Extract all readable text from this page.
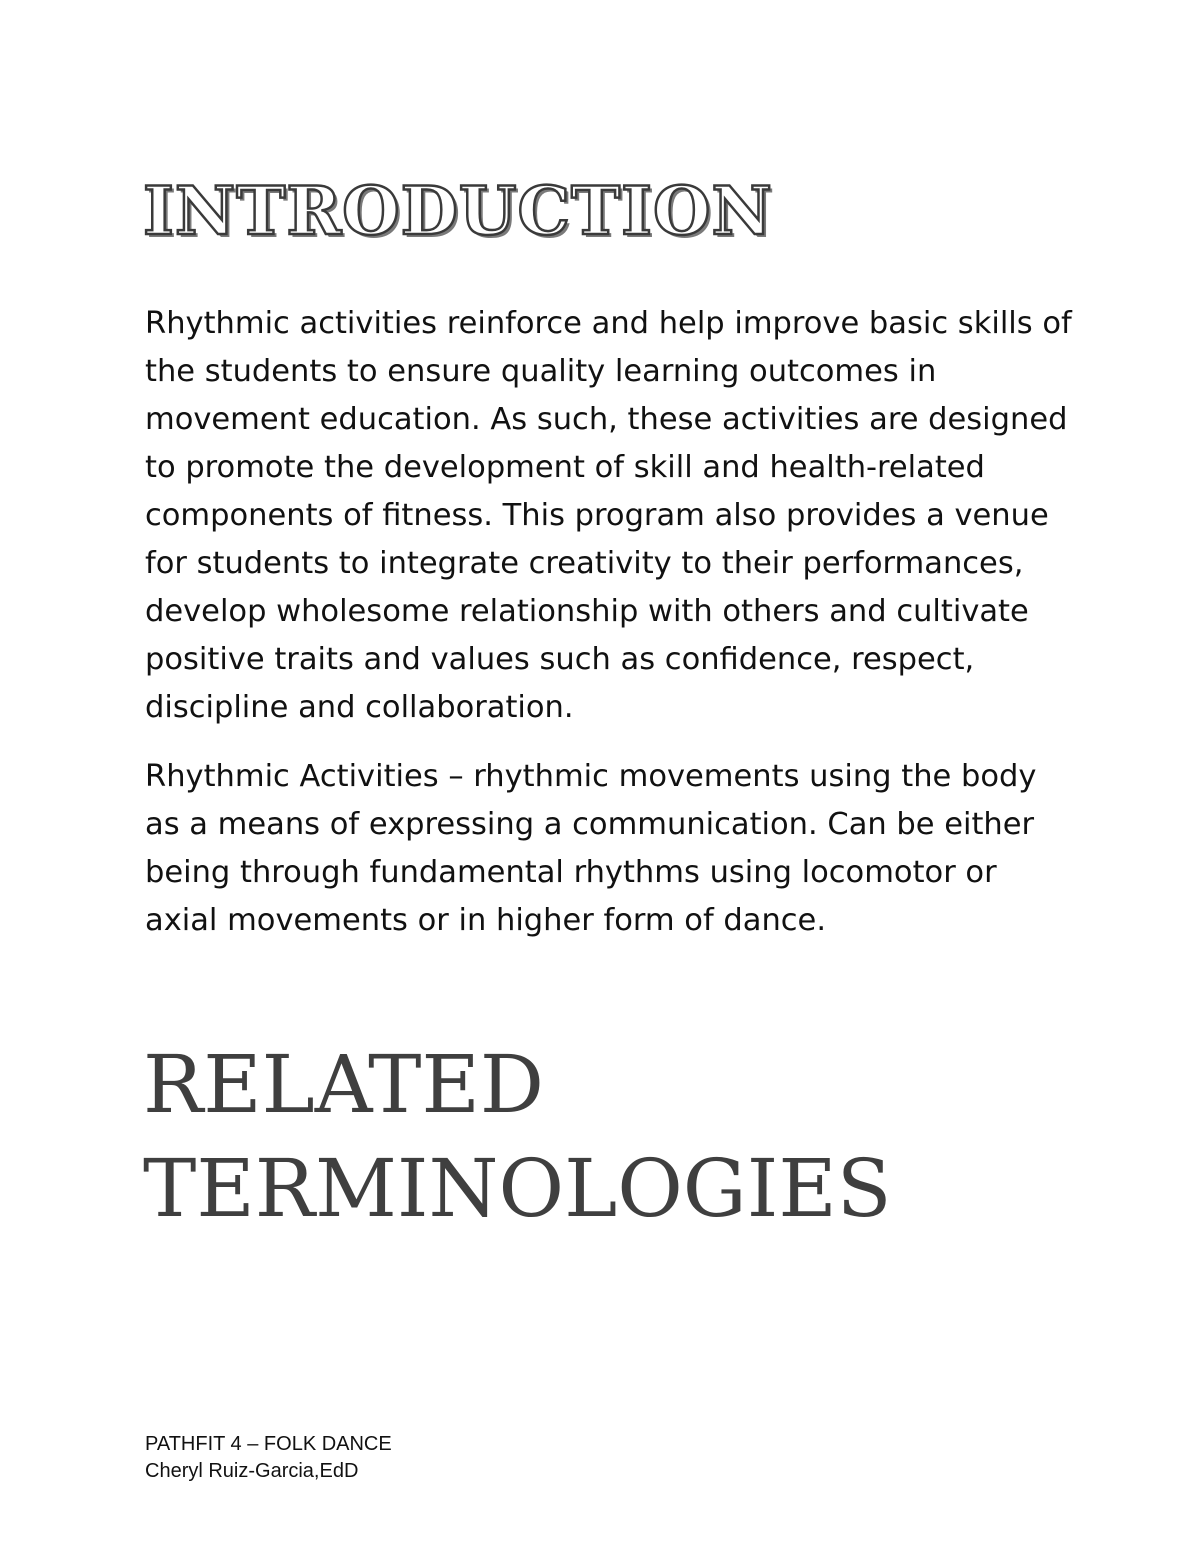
INTRODUCTION

Rhythmic activities reinforce and help improve basic skills of the students to ensure quality learning outcomes in movement education. As such, these activities are designed to promote the development of skill and health-related components of fitness. This program also provides a venue for students to integrate creativity to their performances, develop wholesome relationship with others and cultivate positive traits and values such as confidence, respect, discipline and collaboration.

Rhythmic Activities – rhythmic movements using the body as a means of expressing a communication. Can be either being through fundamental rhythms using locomotor or axial movements or in higher form of dance.

RELATED TERMINOLOGIES
PATHFIT 4 – FOLK DANCE
Cheryl Ruiz-Garcia,EdD
